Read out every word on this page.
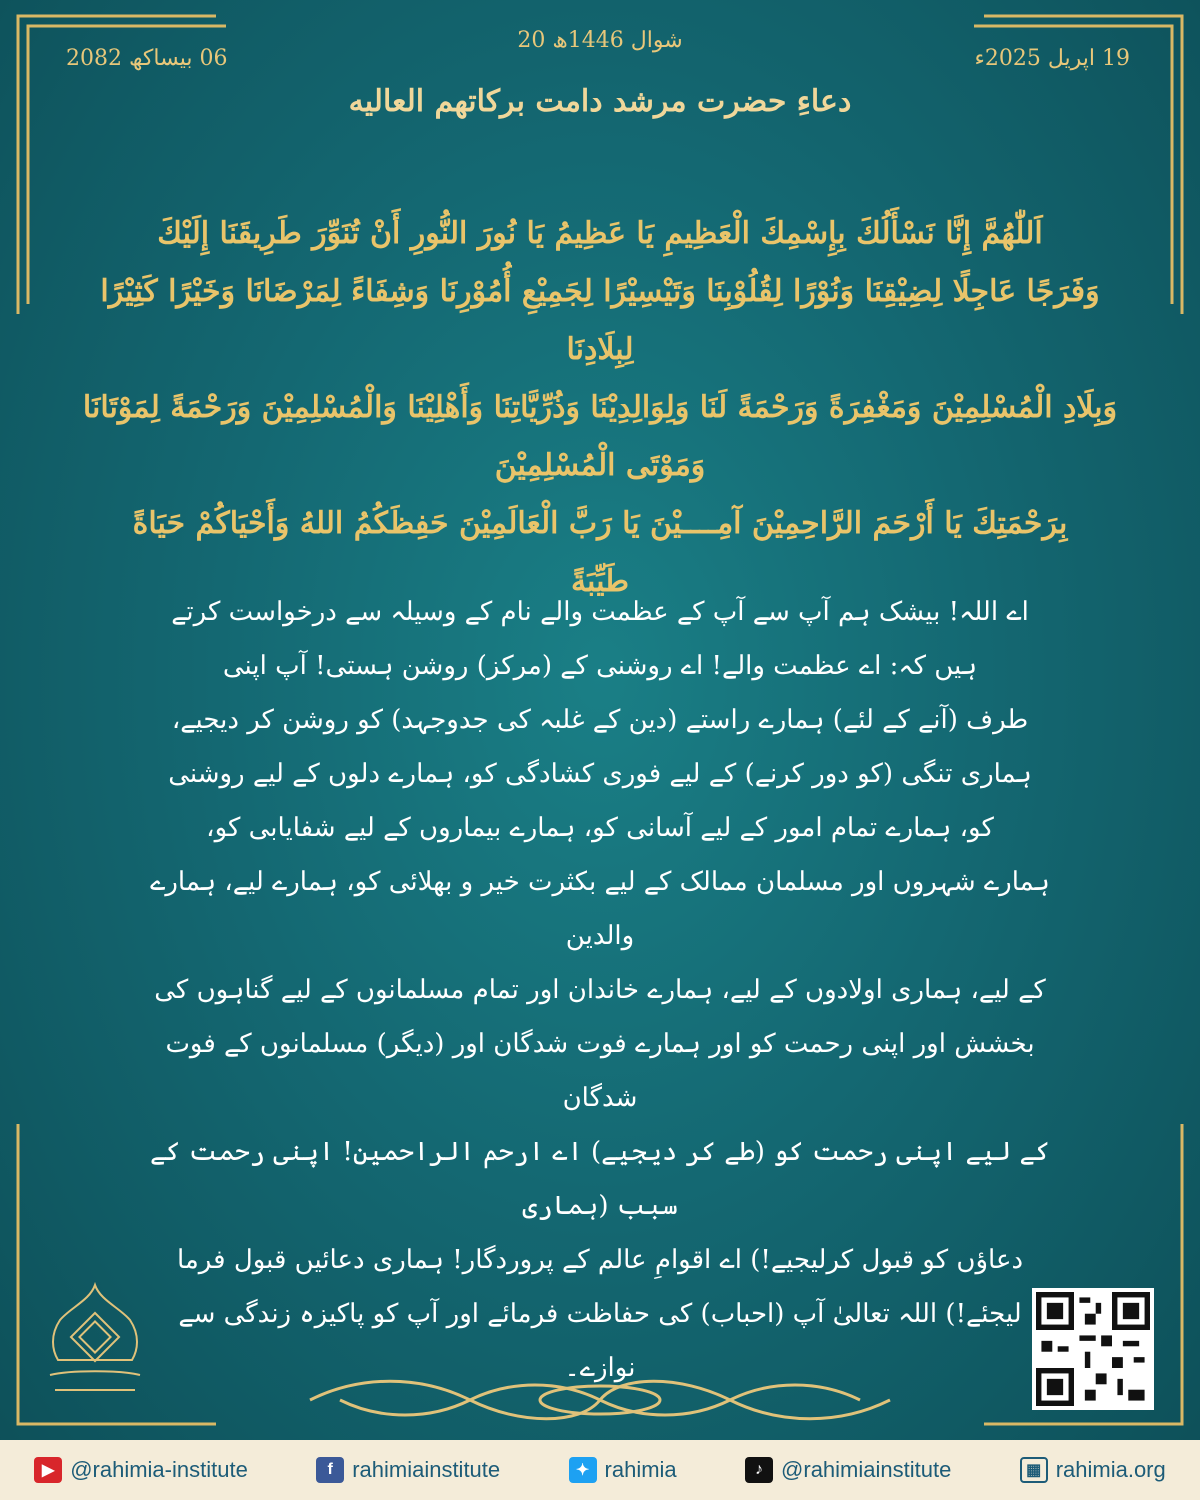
20 شوال 1446ھ
19 اپریل 2025ء
06 بیساکھ 2082
دعاءِ حضرت مرشد دامت برکاتهم العالیه
اَللّٰهُمَّ إِنَّا نَسْأَلُكَ بِإِسْمِكَ الْعَظِيمِ يَا عَظِيمُ يَا نُورَ النُّورِ أَنْ تُنَوِّرَ طَرِيقَنَا إِلَيْكَ
وَفَرَجًا عَاجِلًا لِضِيْقِنَا وَنُوْرًا لِقُلُوْبِنَا وَتَيْسِيْرًا لِجَمِيْعِ أُمُوْرِنَا وَشِفَاءً لِمَرْضَانَا وَخَيْرًا كَثِيْرًا لِبِلَادِنَا
وَبِلَادِ الْمُسْلِمِيْنَ وَمَغْفِرَةً وَرَحْمَةً لَنَا وَلِوَالِدِيْنَا وَذُرِّيَّاتِنَا وَأَهْلِيْنَا وَالْمُسْلِمِيْنَ وَرَحْمَةً لِمَوْتَانَا وَمَوْتَى الْمُسْلِمِيْنَ
بِرَحْمَتِكَ يَا أَرْحَمَ الرَّاحِمِيْنَ آمِــــيْنَ يَا رَبَّ الْعَالَمِيْنَ حَفِظَكُمُ اللهُ وَأَحْيَاكُمْ حَيَاةً
طَيِّبَةً

اے اللہ! بیشک ہم آپ سے آپ کے عظمت والے نام کے وسیلہ سے درخواست کرتے

ہیں کہ: اے عظمت والے! اے روشنی کے (مرکز) روشن ہستی! آپ اپنی

طرف (آنے کے لئے) ہمارے راستے (دین کے غلبہ کی جدوجہد) کو روشن کر دیجیے،

ہماری تنگی (کو دور کرنے) کے لیے فوری کشادگی کو، ہمارے دلوں کے لیے روشنی

کو، ہمارے تمام امور کے لیے آسانی کو، ہمارے بیماروں کے لیے شفایابی کو،

ہمارے شہروں اور مسلمان ممالک کے لیے بکثرت خیر و بھلائی کو، ہمارے لیے، ہمارے والدین

کے لیے، ہماری اولادوں کے لیے، ہمارے خاندان اور تمام مسلمانوں کے لیے گناہوں کی

بخشش اور اپنی رحمت کو اور ہمارے فوت شدگان اور (دیگر) مسلمانوں کے فوت شدگان

کے لیے اپنی رحمت کو (طے کر دیجیے) اے ارحم الراحمین! اپنی رحمت کے سبب (ہماری

دعاؤں کو قبول کرلیجیے!) اے اقوامِ عالم کے پروردگار! ہماری دعائیں قبول فرما

لیجئے!) اللہ تعالیٰ آپ (احباب) کی حفاظت فرمائے اور آپ کو پاکیزہ زندگی سے نوازے۔

▶ @rahimia-institute	f rahimiainstitute	✦ rahimia	♪ @rahimiainstitute	▦ rahimia.org
